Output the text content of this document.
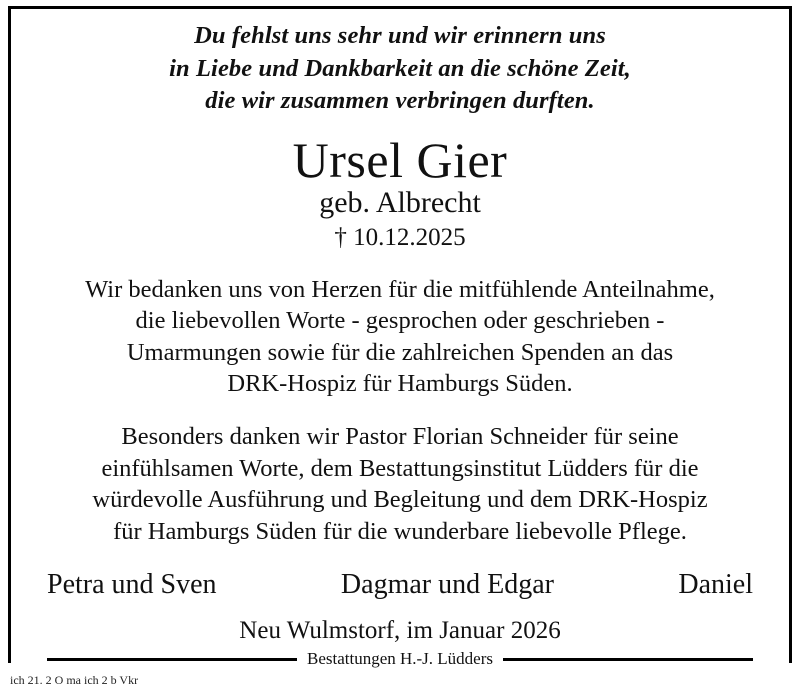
Du fehlst uns sehr und wir erinnern uns
in Liebe und Dankbarkeit an die schöne Zeit,
die wir zusammen verbringen durften.
Ursel Gier
geb. Albrecht
† 10.12.2025
Wir bedanken uns von Herzen für die mitfühlende Anteilnahme,
die liebevollen Worte - gesprochen oder geschrieben -
Umarmungen sowie für die zahlreichen Spenden an das
DRK-Hospiz für Hamburgs Süden.
Besonders danken wir Pastor Florian Schneider für seine
einfühlsamen Worte, dem Bestattungsinstitut Lüdders für die
würdevolle Ausführung und Begleitung und dem DRK-Hospiz
für Hamburgs Süden für die wunderbare liebevolle Pflege.
Petra und Sven	Dagmar und Edgar	Daniel
Neu Wulmstorf, im Januar 2026
Bestattungen H.-J. Lüdders
ich 21. 2 O ma ich 2 b Vkr
